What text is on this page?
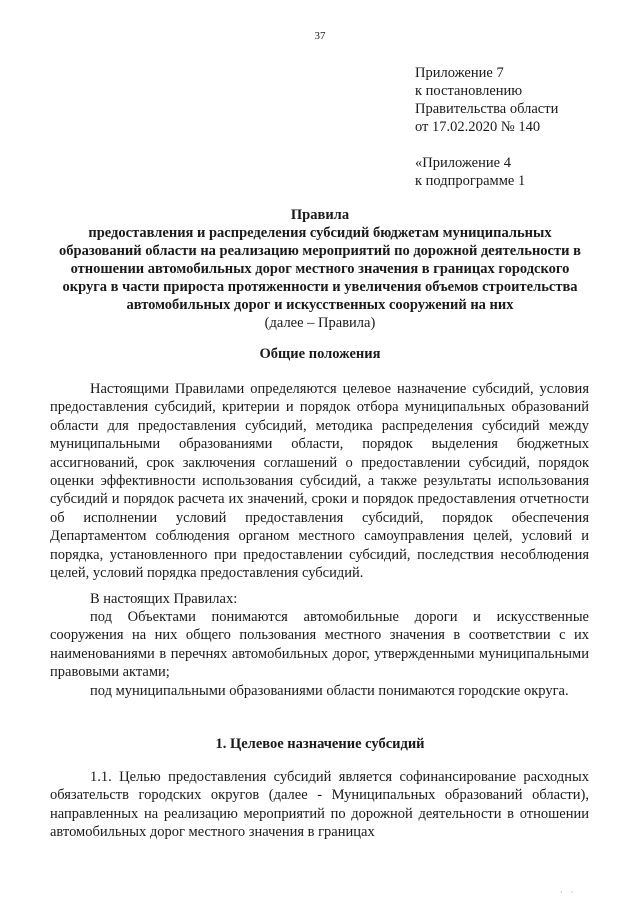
37
Приложение 7
к постановлению
Правительства области
от 17.02.2020 № 140
«Приложение 4
к подпрограмме 1
Правила
предоставления и распределения субсидий бюджетам муниципальных образований области на реализацию мероприятий по дорожной деятельности в отношении автомобильных дорог местного значения в границах городского округа в части прироста протяженности и увеличения объемов строительства автомобильных дорог и искусственных сооружений на них
(далее – Правила)
Общие положения
Настоящими Правилами определяются целевое назначение субсидий, условия предоставления субсидий, критерии и порядок отбора муниципальных образований области для предоставления субсидий, методика распределения субсидий между муниципальными образованиями области, порядок выделения бюджетных ассигнований, срок заключения соглашений о предоставлении субсидий, порядок оценки эффективности использования субсидий, а также результаты использования субсидий и порядок расчета их значений, сроки и порядок предоставления отчетности об исполнении условий предоставления субсидий, порядок обеспечения Департаментом соблюдения органом местного самоуправления целей, условий и порядка, установленного при предоставлении субсидий, последствия несоблюдения целей, условий порядка предоставления субсидий.
В настоящих Правилах:
под Объектами понимаются автомобильные дороги и искусственные сооружения на них общего пользования местного значения в соответствии с их наименованиями в перечнях автомобильных дорог, утвержденными муниципальными правовыми актами;
под муниципальными образованиями области понимаются городские округа.
1. Целевое назначение субсидий
1.1. Целью предоставления субсидий является софинансирование расходных обязательств городских округов (далее - Муниципальных образований области), направленных на реализацию мероприятий по дорожной деятельности в отношении автомобильных дорог местного значения в границах
· ·
